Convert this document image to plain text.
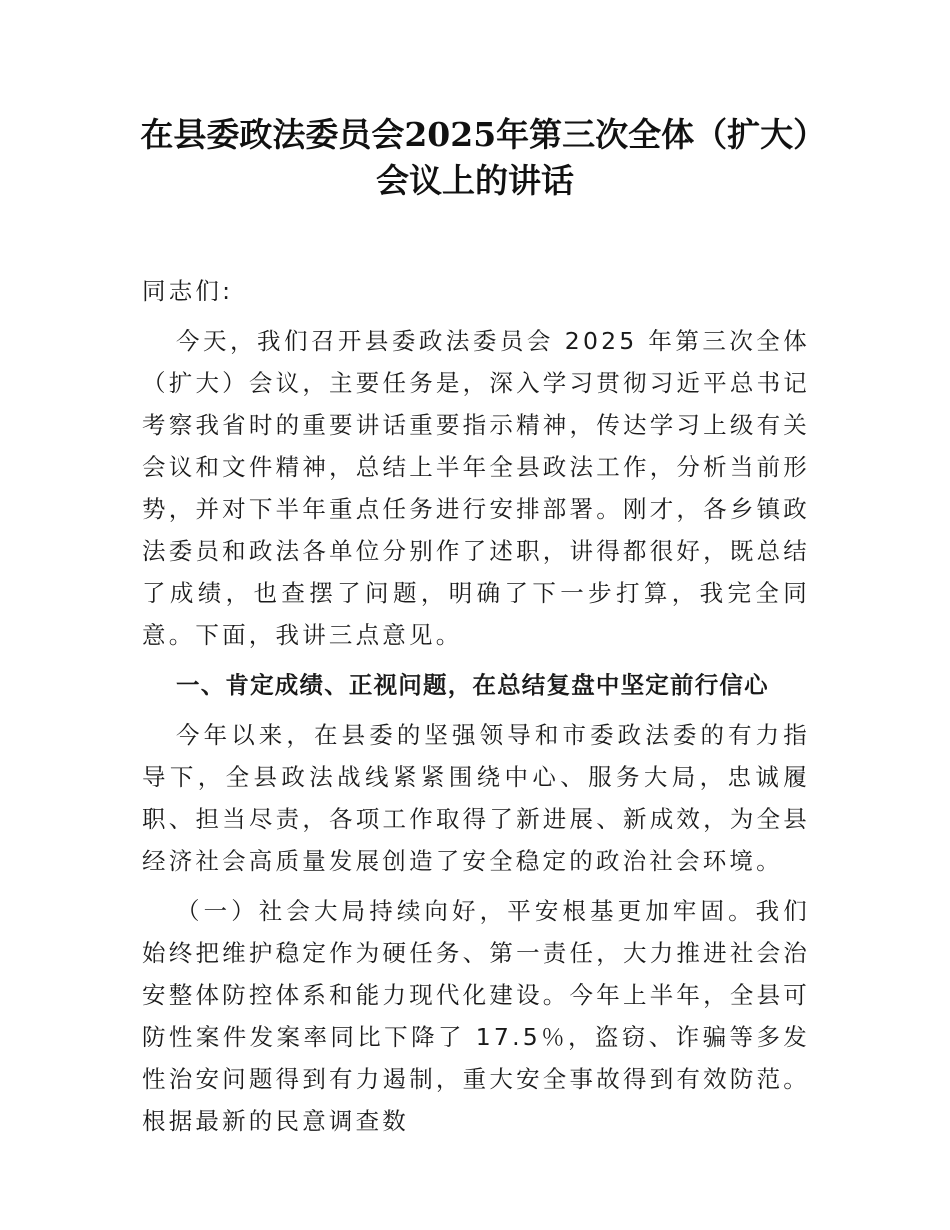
在县委政法委员会2025年第三次全体（扩大）会议上的讲话

同志们:

今天，我们召开县委政法委员会 2025 年第三次全体（扩大）会议，主要任务是，深入学习贯彻习近平总书记考察我省时的重要讲话重要指示精神，传达学习上级有关会议和文件精神，总结上半年全县政法工作，分析当前形势，并对下半年重点任务进行安排部署。刚才，各乡镇政法委员和政法各单位分别作了述职，讲得都很好，既总结了成绩，也查摆了问题，明确了下一步打算，我完全同意。下面，我讲三点意见。

一、肯定成绩、正视问题，在总结复盘中坚定前行信心

今年以来，在县委的坚强领导和市委政法委的有力指导下，全县政法战线紧紧围绕中心、服务大局，忠诚履职、担当尽责，各项工作取得了新进展、新成效，为全县经济社会高质量发展创造了安全稳定的政治社会环境。

（一）社会大局持续向好，平安根基更加牢固。我们始终把维护稳定作为硬任务、第一责任，大力推进社会治安整体防控体系和能力现代化建设。今年上半年，全县可防性案件发案率同比下降了 17.5％，盗窃、诈骗等多发性治安问题得到有力遏制，重大安全事故得到有效防范。根据最新的民意调查数
